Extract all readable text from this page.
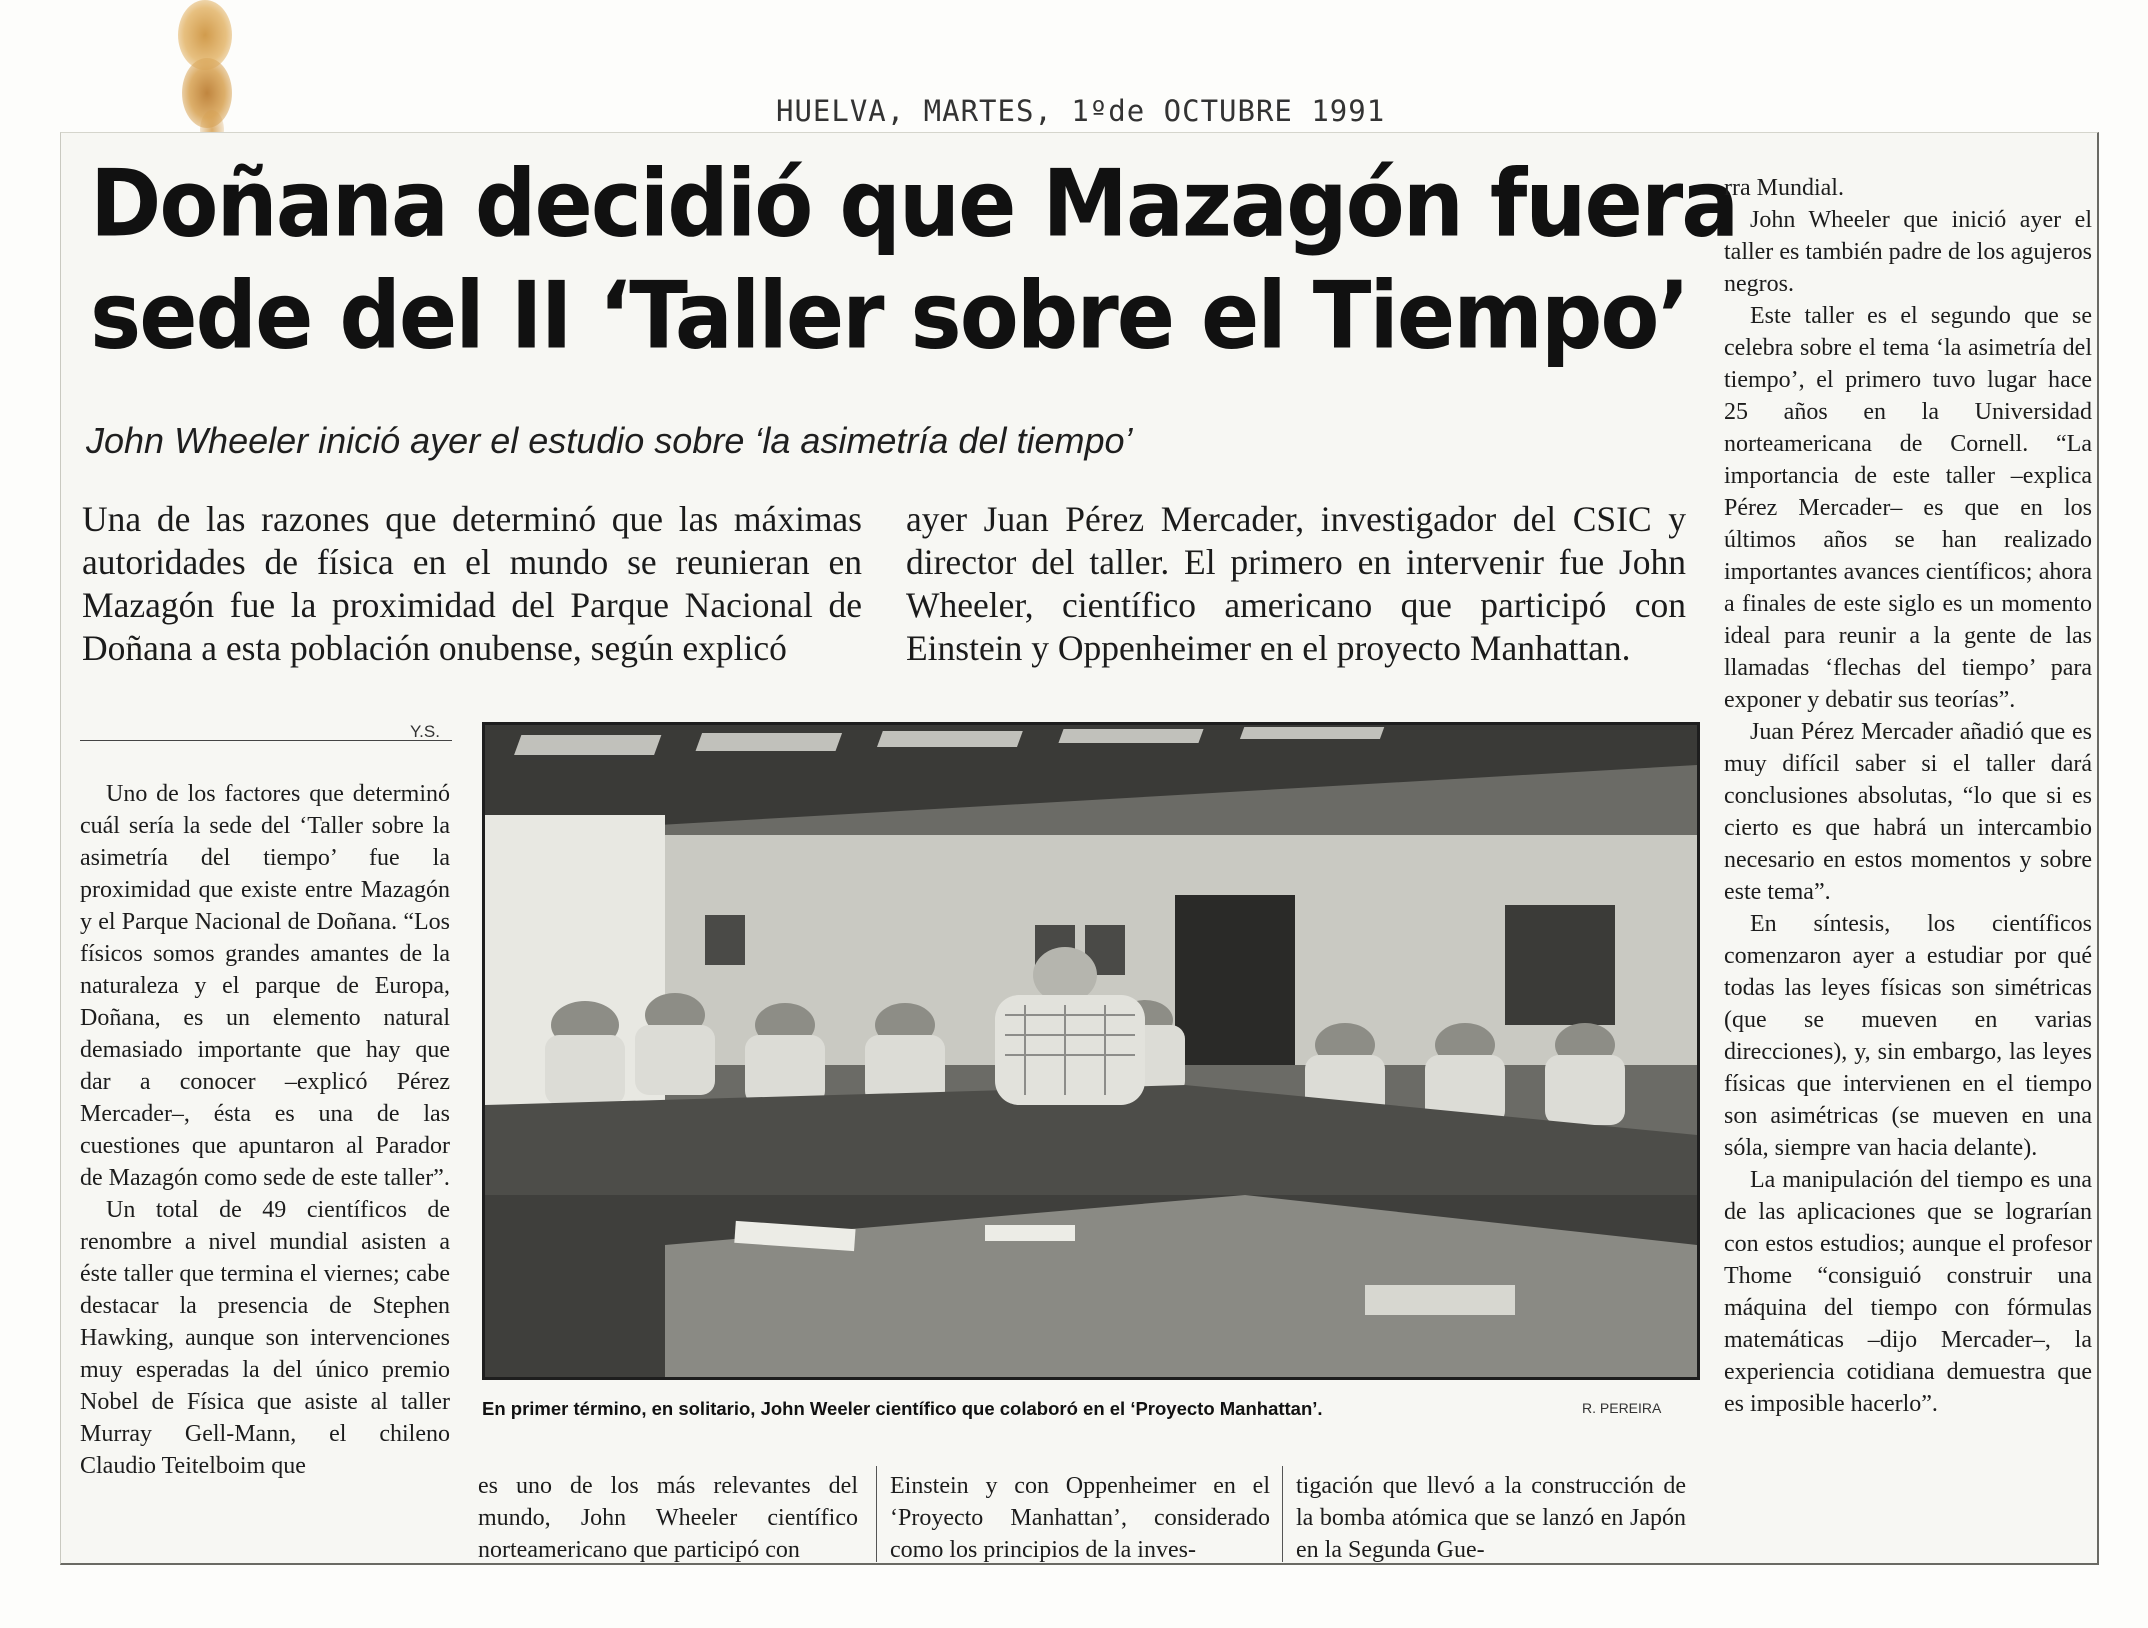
HUELVA, MARTES, 1ºde OCTUBRE 1991
Doñana decidió que Mazagón fuera
sede del II ‘Taller sobre el Tiempo’
John Wheeler inició ayer el estudio sobre ‘la asimetría del tiempo’
Una de las razones que determinó que las máximas autoridades de física en el mundo se reunieran en Mazagón fue la proximidad del Parque Nacional de Doñana a esta población onubense, según explicó
ayer Juan Pérez Mercader, investigador del CSIC y director del taller. El primero en intervenir fue John Wheeler, científico americano que participó con Einstein y Oppenheimer en el proyecto Manhattan.
Y.S.

Uno de los factores que determinó cuál sería la sede del ‘Taller sobre la asimetría del tiempo’ fue la proximidad que existe entre Mazagón y el Parque Nacional de Doñana. “Los físicos somos grandes amantes de la naturaleza y el parque de Europa, Doñana, es un elemento natural demasiado importante que hay que dar a conocer –explicó Pérez Mercader–, ésta es una de las cuestiones que apuntaron al Parador de Mazagón como sede de este taller”.

Un total de 49 científicos de renombre a nivel mundial asisten a éste taller que termina el viernes; cabe destacar la presencia de Stephen Hawking, aunque son intervenciones muy esperadas la del único premio Nobel de Física que asiste al taller Murray Gell-Mann, el chileno Claudio Teitelboim que

En primer término, en solitario, John Weeler científico que colaboró en el ‘Proyecto Manhattan’.	R. PEREIRA

es uno de los más relevantes del mundo, John Wheeler científico norteamericano que participó con

Einstein y con Oppenheimer en el ‘Proyecto Manhattan’, considerado como los principios de la inves-

tigación que llevó a la construcción de la bomba atómica que se lanzó en Japón en la Segunda Gue-

rra Mundial.

John Wheeler que inició ayer el taller es también padre de los agujeros negros.

Este taller es el segundo que se celebra sobre el tema ‘la asimetría del tiempo’, el primero tuvo lugar hace 25 años en la Universidad norteamericana de Cornell. “La importancia de este taller –explica Pérez Mercader– es que en los últimos años se han realizado importantes avances científicos; ahora a finales de este siglo es un momento ideal para reunir a la gente de las llamadas ‘flechas del tiempo’ para exponer y debatir sus teorías”.

Juan Pérez Mercader añadió que es muy difícil saber si el taller dará conclusiones absolutas, “lo que si es cierto es que habrá un intercambio necesario en estos momentos y sobre este tema”.

En síntesis, los científicos comenzaron ayer a estudiar por qué todas las leyes físicas son simétricas (que se mueven en varias direcciones), y, sin embargo, las leyes físicas que intervienen en el tiempo son asimétricas (se mueven en una sóla, siempre van hacia delante).

La manipulación del tiempo es una de las aplicaciones que se lograrían con estos estudios; aunque el profesor Thome “consiguió construir una máquina del tiempo con fórmulas matemáticas –dijo Mercader–, la experiencia cotidiana demuestra que es imposible hacerlo”.
